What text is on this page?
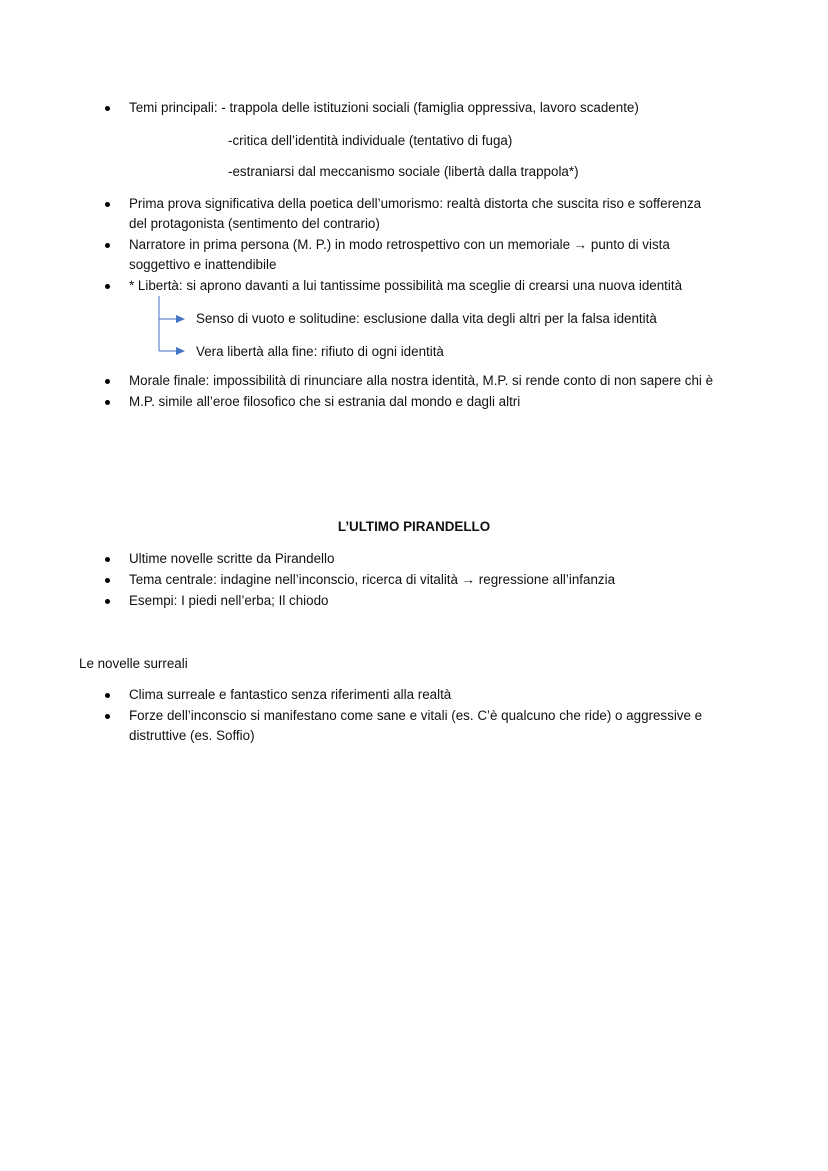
Temi principali: - trappola delle istituzioni sociali (famiglia oppressiva, lavoro scadente)
-critica dell’identità individuale (tentativo di fuga)
-estraniarsi dal meccanismo sociale (libertà dalla trappola*)
Prima prova significativa della poetica dell’umorismo: realtà distorta che suscita riso e sofferenza
del protagonista (sentimento del contrario)
Narratore in prima persona (M. P.) in modo retrospettivo con un memoriale → punto di vista
soggettivo e inattendibile
* Libertà: si aprono davanti a lui tantissime possibilità ma sceglie di crearsi una nuova identità
Senso di vuoto e solitudine: esclusione dalla vita degli altri per la falsa identità
Vera libertà alla fine: rifiuto di ogni identità
Morale finale: impossibilità di rinunciare alla nostra identità, M.P. si rende conto di non sapere chi è
M.P. simile all’eroe filosofico che si estrania dal mondo e dagli altri
L’ULTIMO PIRANDELLO
Ultime novelle scritte da Pirandello
Tema centrale: indagine nell’inconscio, ricerca di vitalità → regressione all’infanzia
Esempi: I piedi nell’erba; Il chiodo
Le novelle surreali
Clima surreale e fantastico senza riferimenti alla realtà
Forze dell’inconscio si manifestano come sane e vitali (es. C’è qualcuno che ride) o aggressive e
distruttive (es. Soffio)
